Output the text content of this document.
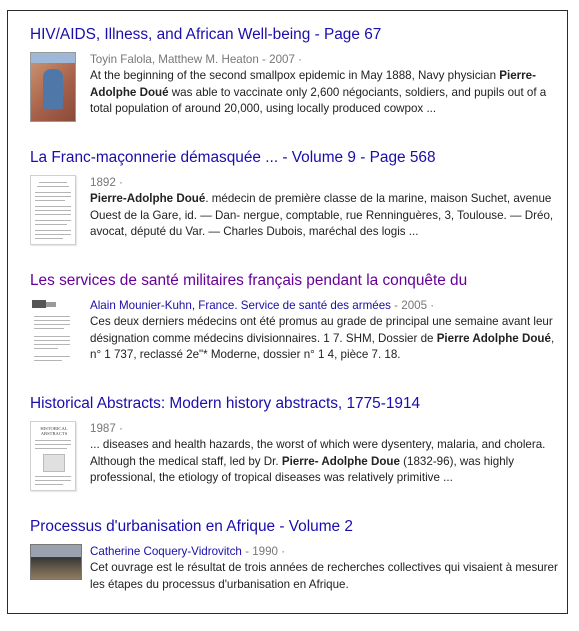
HIV/AIDS, Illness, and African Well-being - Page 67
Toyin Falola, Matthew M. Heaton - 2007 ·
At the beginning of the second smallpox epidemic in May 1888, Navy physician Pierre-Adolphe Doué was able to vaccinate only 2,600 négociants, soldiers, and pupils out of a total population of around 20,000, using locally produced cowpox ...
La Franc-maçonnerie démasquée ... - Volume 9 - Page 568
1892 ·
Pierre-Adolphe Doué. médecin de première classe de la marine, maison Suchet, avenue Ouest de la Gare, id. — Dan- nergue, comptable, rue Renninguères, 3, Toulouse. — Dréo, avocat, député du Var. — Charles Dubois, maréchal des logis ...
Les services de santé militaires français pendant la conquête du
Alain Mounier-Kuhn, France. Service de santé des armées - 2005 ·
Ces deux derniers médecins ont été promus au grade de principal une semaine avant leur désignation comme médecins divisionnaires. 1 7. SHM, Dossier de Pierre Adolphe Doué, n° 1 737, reclassé 2e"* Moderne, dossier n° 1 4, pièce 7. 18.
Historical Abstracts: Modern history abstracts, 1775-1914
HISTORICAL ABSTRACTS	1987 ·
... diseases and health hazards, the worst of which were dysentery, malaria, and cholera. Although the medical staff, led by Dr. Pierre- Adolphe Doue (1832-96), was highly professional, the etiology of tropical diseases was relatively primitive ...
Processus d'urbanisation en Afrique - Volume 2
Catherine Coquery-Vidrovitch - 1990 ·
Cet ouvrage est le résultat de trois années de recherches collectives qui visaient à mesurer les étapes du processus d'urbanisation en Afrique.
